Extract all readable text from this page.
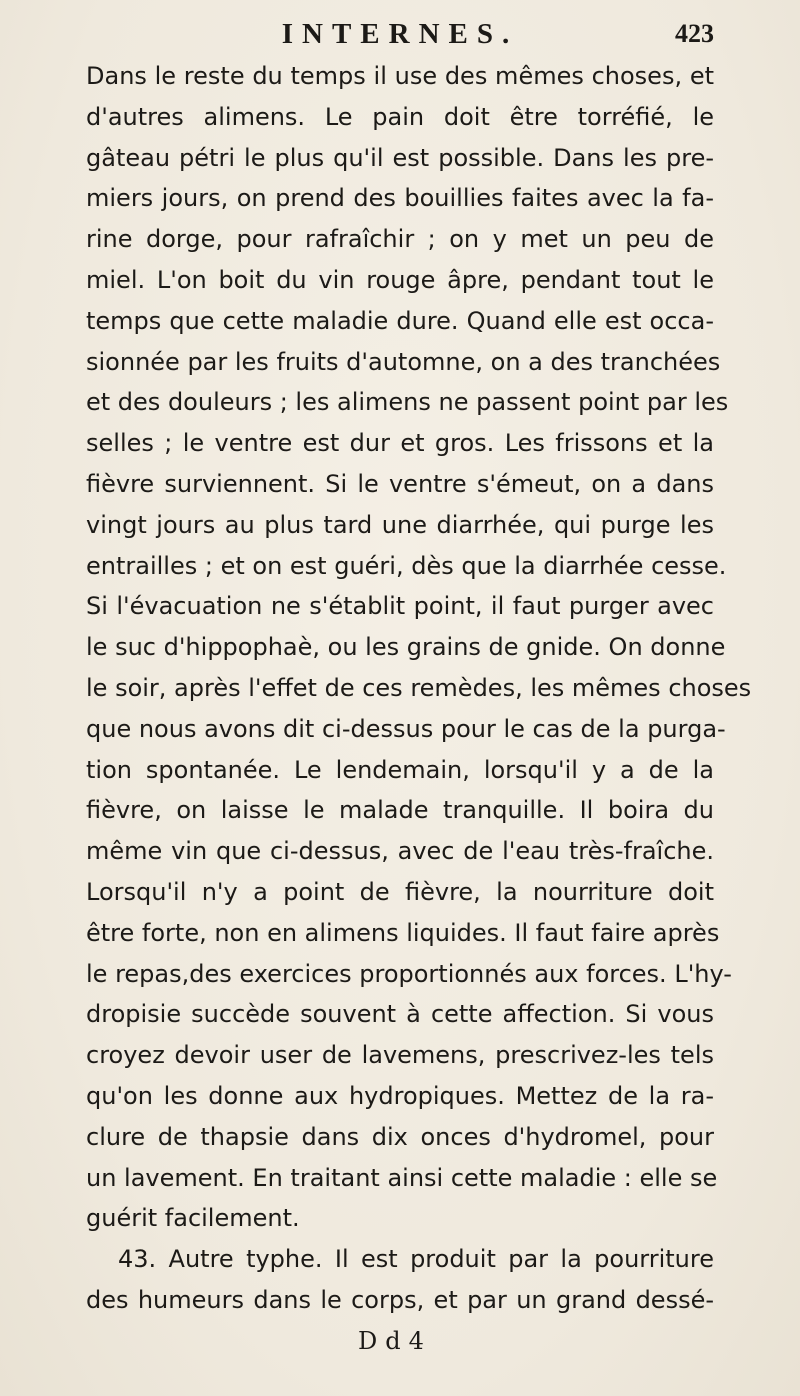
INTERNES.	423
Dans le reste du temps il use des mêmes choses, et
d'autres alimens. Le pain doit être torréfié, le
gâteau pétri le plus qu'il est possible. Dans les pre-
miers jours, on prend des bouillies faites avec la fa-
rine dorge, pour rafraîchir ; on y met un peu de
miel. L'on boit du vin rouge âpre, pendant tout le
temps que cette maladie dure. Quand elle est occa-
sionnée par les fruits d'automne, on a des tranchées
et des douleurs ; les alimens ne passent point par les
selles ; le ventre est dur et gros. Les frissons et la
fièvre surviennent. Si le ventre s'émeut, on a dans
vingt jours au plus tard une diarrhée, qui purge les
entrailles ; et on est guéri, dès que la diarrhée cesse.
Si l'évacuation ne s'établit point, il faut purger avec
le suc d'hippophaè, ou les grains de gnide. On donne
le soir, après l'effet de ces remèdes, les mêmes choses
que nous avons dit ci-dessus pour le cas de la purga-
tion spontanée. Le lendemain, lorsqu'il y a de la
fièvre, on laisse le malade tranquille. Il boira du
même vin que ci-dessus, avec de l'eau très-fraîche.
Lorsqu'il n'y a point de fièvre, la nourriture doit
être forte, non en alimens liquides. Il faut faire après
le repas,des exercices proportionnés aux forces. L'hy-
dropisie succède souvent à cette affection. Si vous
croyez devoir user de lavemens, prescrivez-les tels
qu'on les donne aux hydropiques. Mettez de la ra-
clure de thapsie dans dix onces d'hydromel, pour
un lavement. En traitant ainsi cette maladie : elle se
guérit facilement.
43. Autre typhe. Il est produit par la pourriture
des humeurs dans le corps, et par un grand dessé-
Dd4
